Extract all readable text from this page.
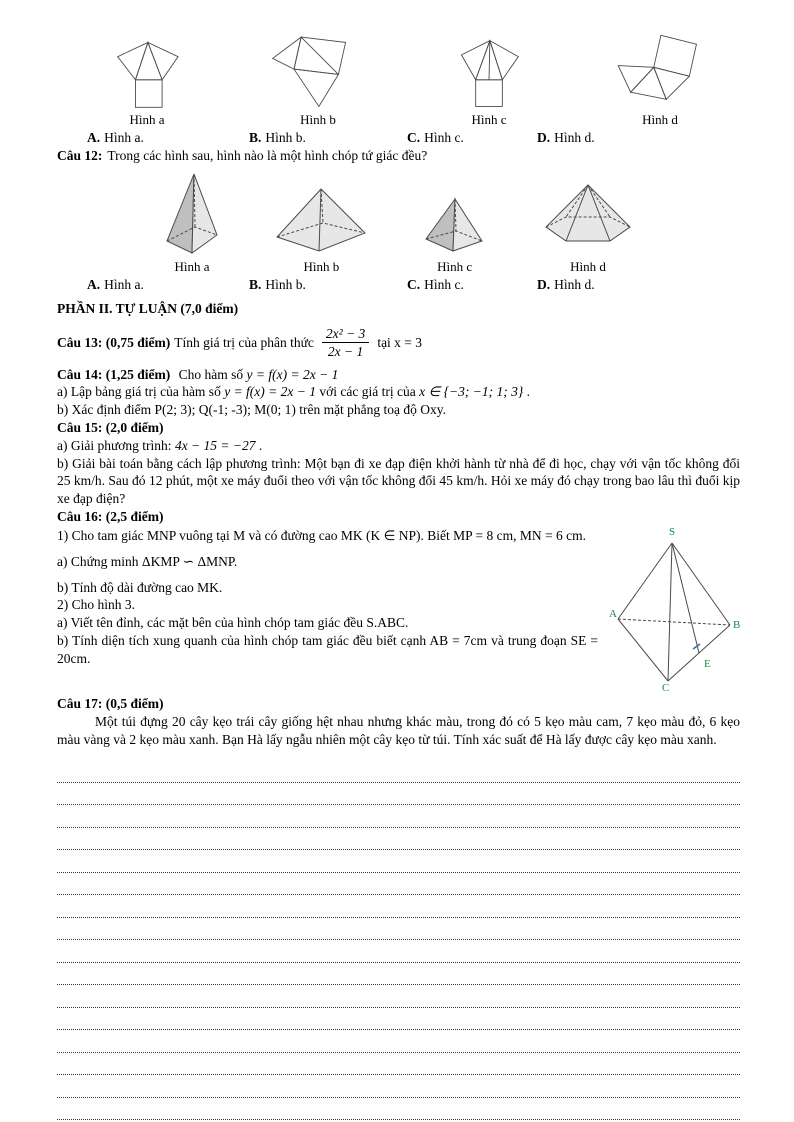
Hình a	Hình b	Hình c	Hình d
A. Hình a.	B. Hình b.	C. Hình c.	D. Hình d.

Câu 12: Trong các hình sau, hình nào là một hình chóp tứ giác đều?

Hình a	Hình b	Hình c	Hình d
A. Hình a.	B. Hình b.	C. Hình c.	D. Hình d.

PHẦN II. TỰ LUẬN (7,0 điểm)

Câu 13: (0,75 điểm) Tính giá trị của phân thức $\frac{\text{2x² − 3}}{2x - 1}$ tại x = 3

Câu 14: (1,25 điểm) Cho hàm số y = f(x) = 2x − 1

a) Lập bảng giá trị của hàm số y = f(x) = 2x − 1 với các giá trị của x ∈ {−3; −1; 1; 3} .

b) Xác định điểm P(2; 3); Q(-1; -3); M(0; 1) trên mặt phẳng toạ độ Oxy.

Câu 15: (2,0 điểm)

a) Giải phương trình: 4x − 15 = −27 .

b) Giải bài toán bằng cách lập phương trình: Một bạn đi xe đạp điện khởi hành từ nhà để đi học, chạy với vận tốc không đổi 25 km/h. Sau đó 12 phút, một xe máy đuổi theo với vận tốc không đổi 45 km/h. Hỏi xe máy đó chạy trong bao lâu thì đuổi kịp xe đạp điện?

Câu 16: (2,5 điểm)

S
A
B
C
E

1) Cho tam giác MNP vuông tại M và có đường cao MK (K ∈ NP). Biết MP = 8 cm, MN = 6 cm.

a) Chứng minh ΔKMP ∽ ΔMNP.

b) Tính độ dài đường cao MK.

2) Cho hình 3.

a) Viết tên đỉnh, các mặt bên của hình chóp tam giác đều S.ABC.

b) Tính diện tích xung quanh của hình chóp tam giác đều biết cạnh AB = 7cm và trung đoạn SE = 20cm.

Câu 17: (0,5 điểm)

Một túi đựng 20 cây kẹo trái cây giống hệt nhau nhưng khác màu, trong đó có 5 kẹo màu cam, 7 kẹo màu đỏ, 6 kẹo màu vàng và 2 kẹo màu xanh. Bạn Hà lấy ngẫu nhiên một cây kẹo từ túi. Tính xác suất để Hà lấy được cây kẹo màu xanh.
